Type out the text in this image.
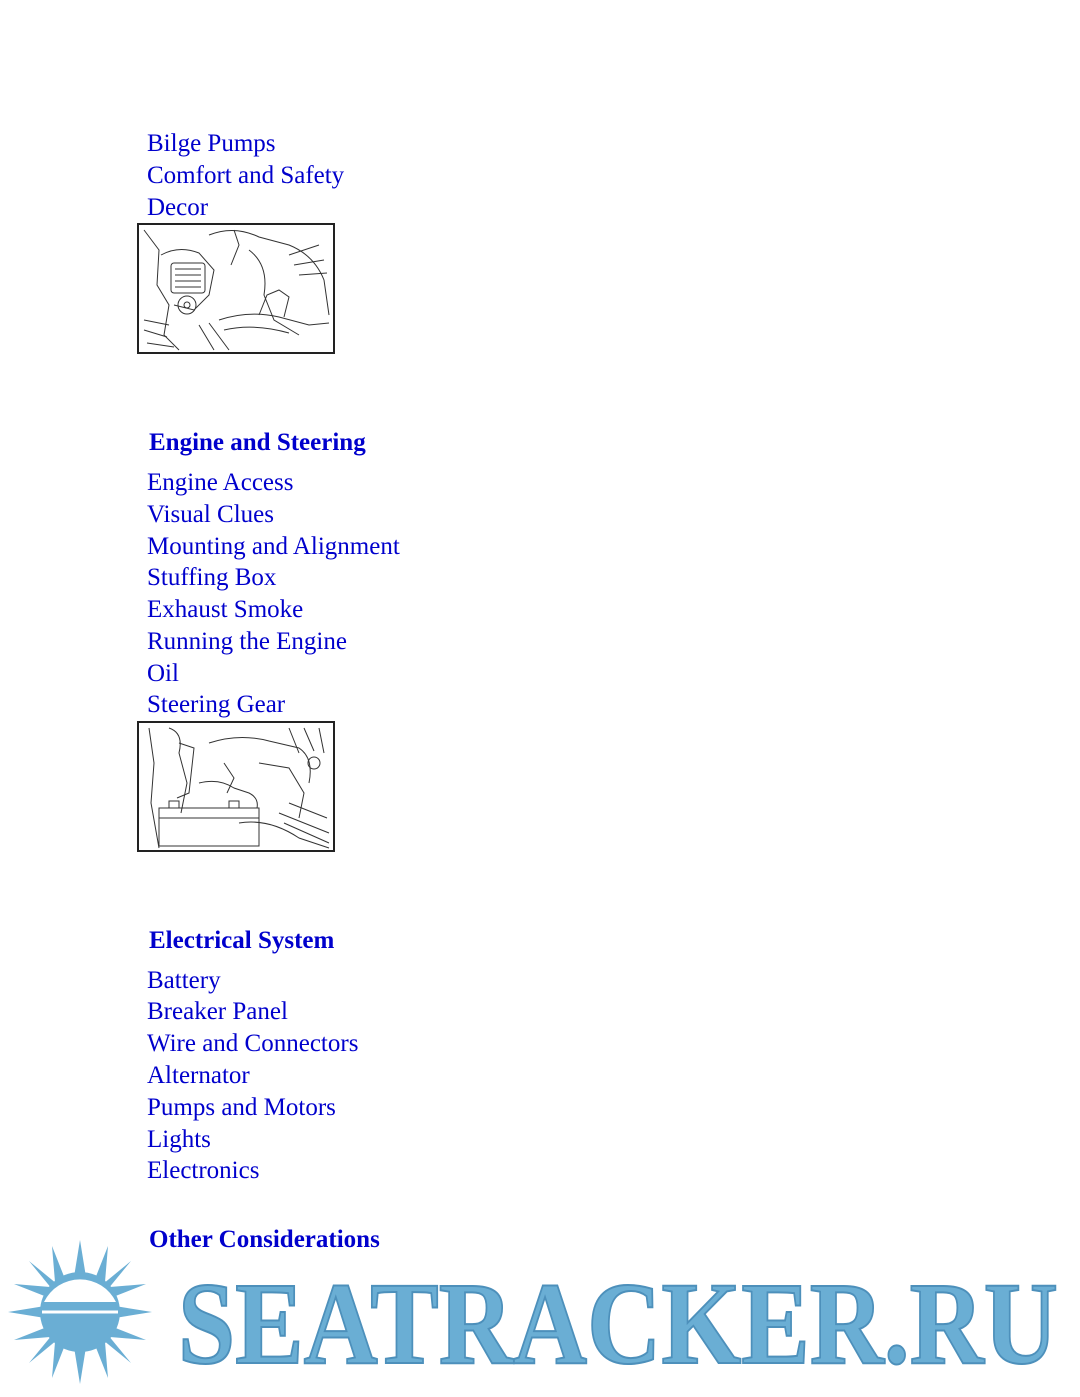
Bilge Pumps
Comfort and Safety
Decor
Engine and Steering
Engine Access
Visual Clues
Mounting and Alignment
Stuffing Box
Exhaust Smoke
Running the Engine
Oil
Steering Gear
Electrical System
Battery
Breaker Panel
Wire and Connectors
Alternator
Pumps and Motors
Lights
Electronics
Other Considerations
SEATRACKER.RU
